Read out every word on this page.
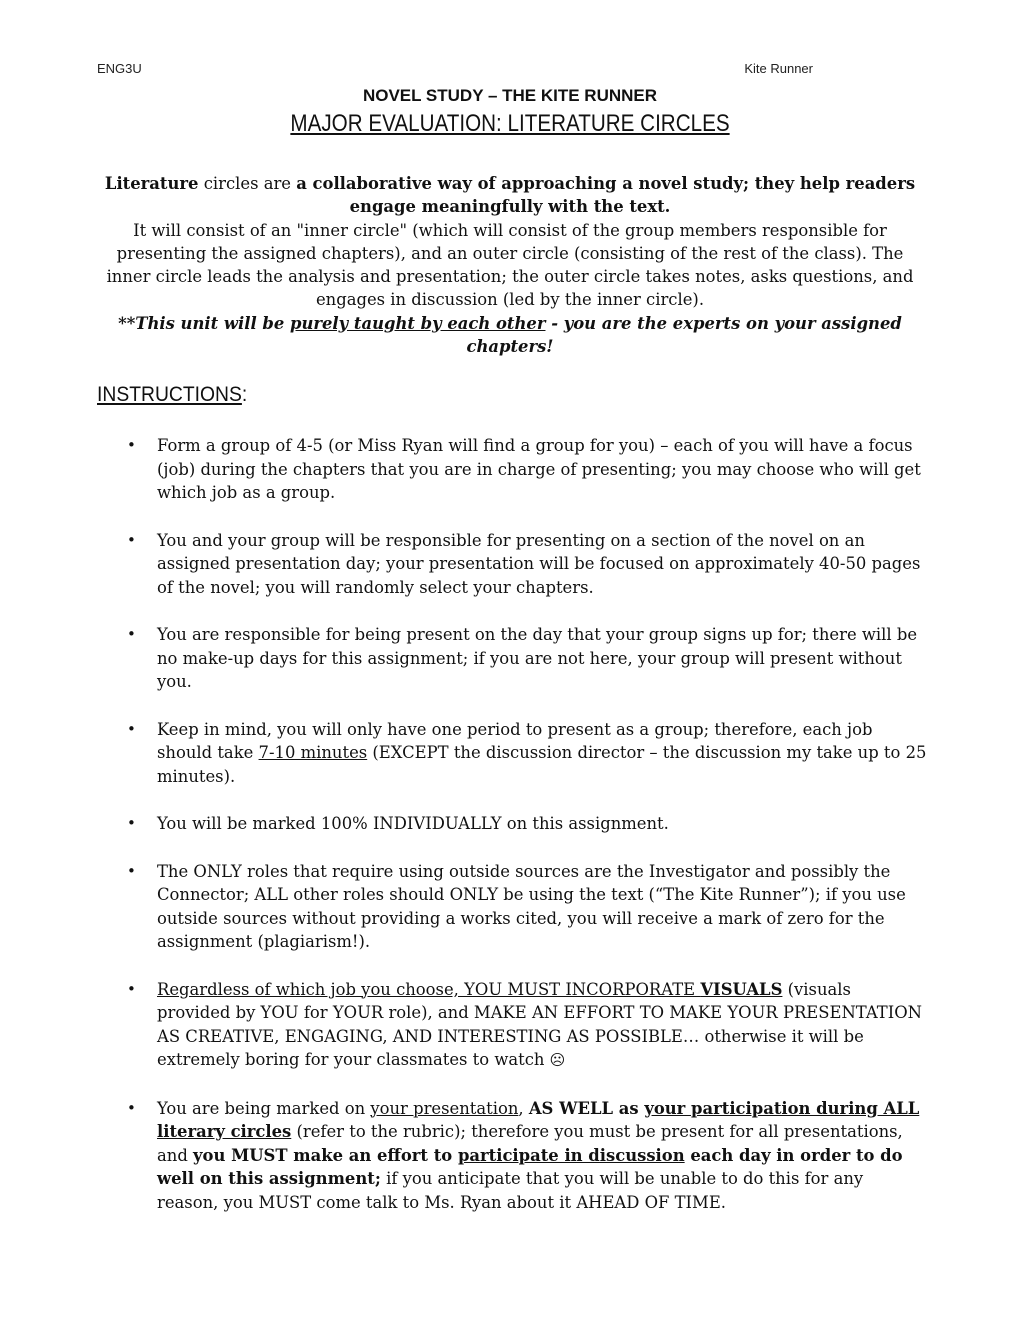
ENG3U	Kite Runner
NOVEL STUDY – THE KITE RUNNER
MAJOR EVALUATION: LITERATURE CIRCLES
Literature circles are a collaborative way of approaching a novel study; they help readers engage meaningfully with the text.
It will consist of an "inner circle" (which will consist of the group members responsible for presenting the assigned chapters), and an outer circle (consisting of the rest of the class). The inner circle leads the analysis and presentation; the outer circle takes notes, asks questions, and engages in discussion (led by the inner circle).
**This unit will be purely taught by each other - you are the experts on your assigned chapters!
INSTRUCTIONS:
• Form a group of 4-5 (or Miss Ryan will find a group for you) – each of you will have a focus (job) during the chapters that you are in charge of presenting; you may choose who will get which job as a group.
• You and your group will be responsible for presenting on a section of the novel on an assigned presentation day; your presentation will be focused on approximately 40-50 pages of the novel; you will randomly select your chapters.
• You are responsible for being present on the day that your group signs up for; there will be no make-up days for this assignment; if you are not here, your group will present without you.
• Keep in mind, you will only have one period to present as a group; therefore, each job should take 7-10 minutes (EXCEPT the discussion director – the discussion my take up to 25 minutes).
• You will be marked 100% INDIVIDUALLY on this assignment.
• The ONLY roles that require using outside sources are the Investigator and possibly the Connector; ALL other roles should ONLY be using the text (“The Kite Runner”); if you use outside sources without providing a works cited, you will receive a mark of zero for the assignment (plagiarism!).
• Regardless of which job you choose, YOU MUST INCORPORATE VISUALS (visuals provided by YOU for YOUR role), and MAKE AN EFFORT TO MAKE YOUR PRESENTATION AS CREATIVE, ENGAGING, AND INTERESTING AS POSSIBLE… otherwise it will be extremely boring for your classmates to watch ☹
• You are being marked on your presentation, AS WELL as your participation during ALL literary circles (refer to the rubric); therefore you must be present for all presentations, and you MUST make an effort to participate in discussion each day in order to do well on this assignment; if you anticipate that you will be unable to do this for any reason, you MUST come talk to Ms. Ryan about it AHEAD OF TIME.
